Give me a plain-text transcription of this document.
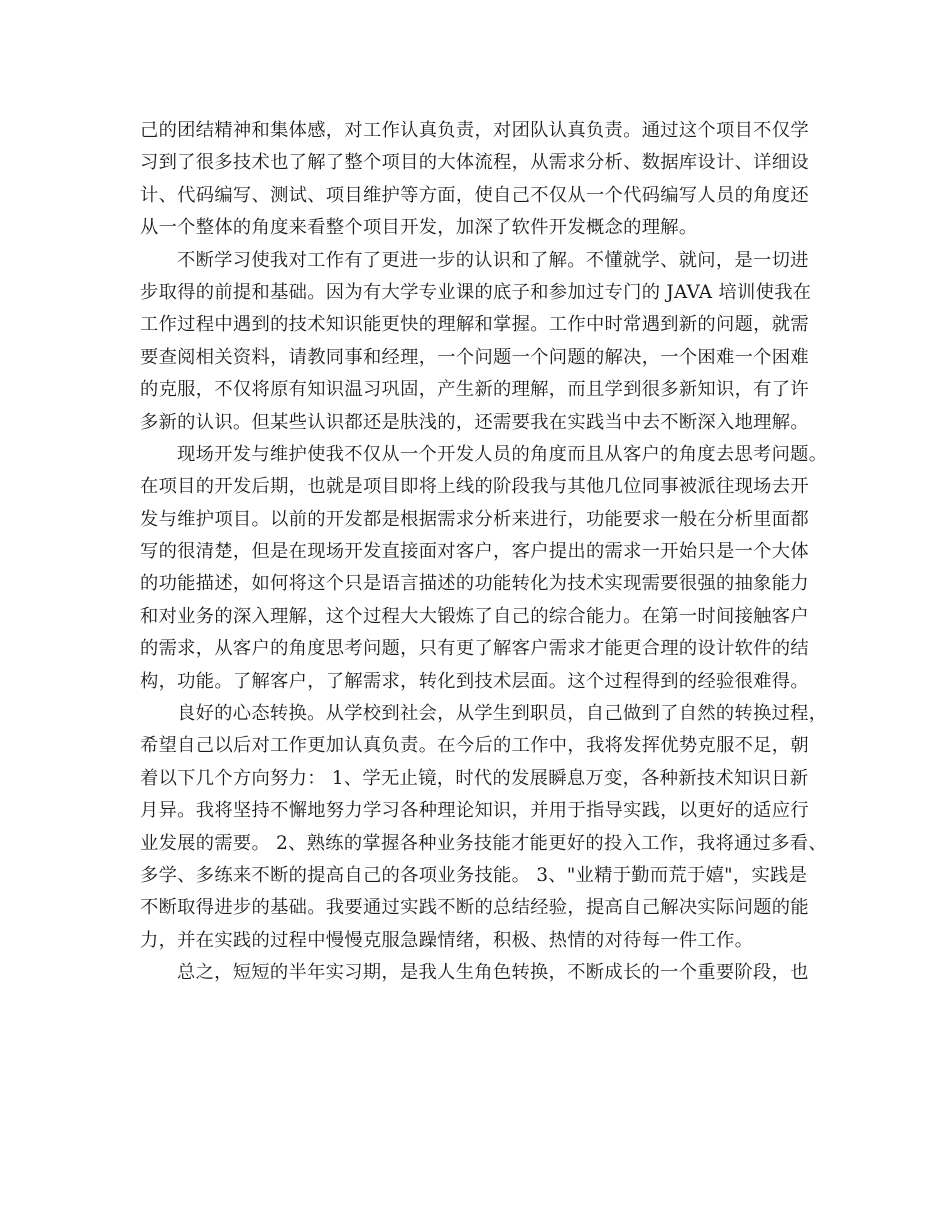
己的团结精神和集体感，对工作认真负责，对团队认真负责。通过这个项目不仅学
习到了很多技术也了解了整个项目的大体流程，从需求分析、数据库设计、详细设
计、代码编写、测试、项目维护等方面，使自己不仅从一个代码编写人员的角度还
从一个整体的角度来看整个项目开发，加深了软件开发概念的理解。
不断学习使我对工作有了更进一步的认识和了解。不懂就学、就问，是一切进
步取得的前提和基础。因为有大学专业课的底子和参加过专门的 JAVA 培训使我在
工作过程中遇到的技术知识能更快的理解和掌握。工作中时常遇到新的问题，就需
要查阅相关资料，请教同事和经理，一个问题一个问题的解决，一个困难一个困难
的克服，不仅将原有知识温习巩固，产生新的理解，而且学到很多新知识，有了许
多新的认识。但某些认识都还是肤浅的，还需要我在实践当中去不断深入地理解。
现场开发与维护使我不仅从一个开发人员的角度而且从客户的角度去思考问题。
在项目的开发后期，也就是项目即将上线的阶段我与其他几位同事被派往现场去开
发与维护项目。以前的开发都是根据需求分析来进行，功能要求一般在分析里面都
写的很清楚，但是在现场开发直接面对客户，客户提出的需求一开始只是一个大体
的功能描述，如何将这个只是语言描述的功能转化为技术实现需要很强的抽象能力
和对业务的深入理解，这个过程大大锻炼了自己的综合能力。在第一时间接触客户
的需求，从客户的角度思考问题，只有更了解客户需求才能更合理的设计软件的结
构，功能。了解客户，了解需求，转化到技术层面。这个过程得到的经验很难得。
良好的心态转换。从学校到社会，从学生到职员，自己做到了自然的转换过程，
希望自己以后对工作更加认真负责。在今后的工作中，我将发挥优势克服不足，朝
着以下几个方向努力： 1、学无止镜，时代的发展瞬息万变，各种新技术知识日新
月异。我将坚持不懈地努力学习各种理论知识，并用于指导实践，以更好的适应行
业发展的需要。 2、熟练的掌握各种业务技能才能更好的投入工作，我将通过多看、
多学、多练来不断的提高自己的各项业务技能。 3、"业精于勤而荒于嬉"，实践是
不断取得进步的基础。我要通过实践不断的总结经验，提高自己解决实际问题的能
力，并在实践的过程中慢慢克服急躁情绪，积极、热情的对待每一件工作。
总之，短短的半年实习期，是我人生角色转换，不断成长的一个重要阶段，也
